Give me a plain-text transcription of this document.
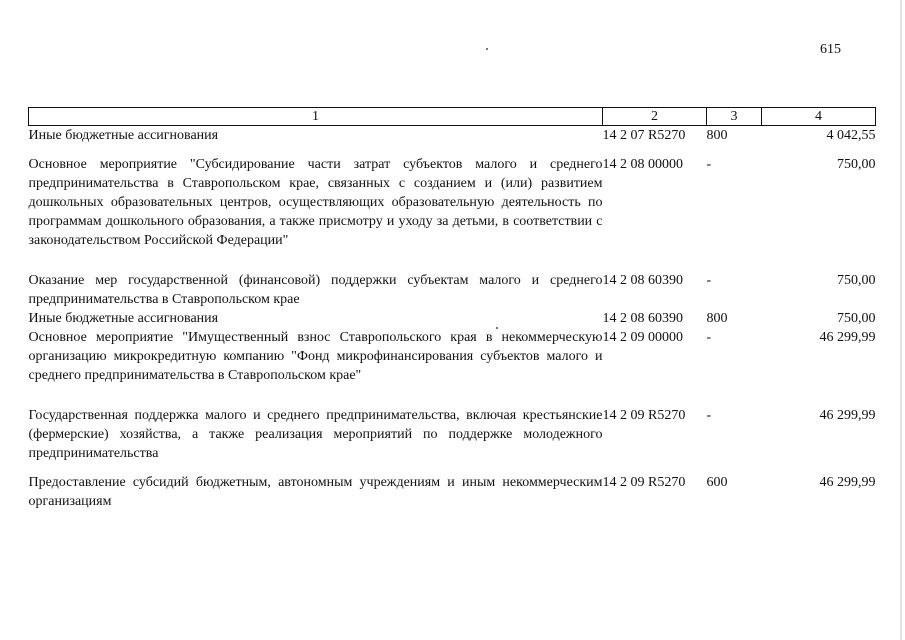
615
1	2	3	4
Иные бюджетные ассигнования	14 2 07 R5270	800	4 042,55
Основное мероприятие "Субсидирование части затрат субъектов малого и среднего предпринимательства в Ставропольском крае, связанных с созданием и (или) развитием дошкольных образовательных центров, осуществляющих образовательную деятельность по программам дошкольного образования, а также присмотру и уходу за детьми, в соответствии с законодательством Российской Федерации"	14 2 08 00000	-	750,00
Оказание мер государственной (финансовой) поддержки субъектам малого и среднего предпринимательства в Ставропольском крае	14 2 08 60390	-	750,00
Иные бюджетные ассигнования	14 2 08 60390	800	750,00
Основное мероприятие "Имущественный взнос Ставропольского края в некоммерческую организацию микрокредитную компанию "Фонд микрофинансирования субъектов малого и среднего предпринимательства в Ставропольском крае"	14 2 09 00000	-	46 299,99
Государственная поддержка малого и среднего предпринимательства, включая крестьянские (фермерские) хозяйства, а также реализация мероприятий по поддержке молодежного предпринимательства	14 2 09 R5270	-	46 299,99
Предоставление субсидий бюджетным, автономным учреждениям и иным некоммерческим организациям	14 2 09 R5270	600	46 299,99
